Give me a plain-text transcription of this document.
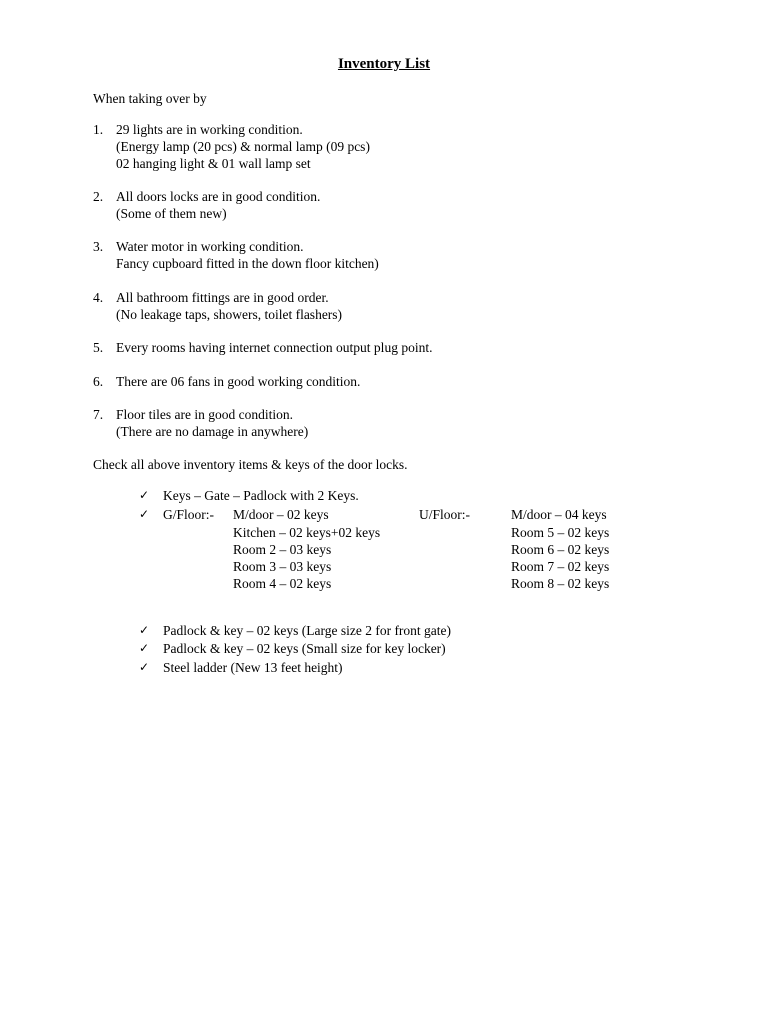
Inventory List
When taking over by
1. 29 lights are in working condition.
(Energy lamp (20 pcs) & normal lamp (09 pcs)
02 hanging light & 01 wall lamp set
2. All doors locks are in good condition.
(Some of them new)
3. Water motor in working condition.
Fancy cupboard fitted in the down floor kitchen)
4. All bathroom fittings are in good order.
(No leakage taps, showers, toilet flashers)
5. Every rooms having internet connection output plug point.
6. There are 06 fans in good working condition.
7. Floor tiles are in good condition.
(There are no damage in anywhere)
Check all above inventory items & keys of the door locks.
✓ Keys – Gate – Padlock with 2 Keys.
✓ G/Floor:- M/door – 02 keys
Kitchen – 02 keys+02 keys
Room 2 – 03 keys
Room 3 – 03 keys
Room 4 – 02 keys
U/Floor:-	M/door – 04 keys
Room 5 – 02 keys
Room 6 – 02 keys
Room 7 – 02 keys
Room 8 – 02 keys
✓ Padlock & key – 02 keys (Large size 2 for front gate)
✓ Padlock & key – 02 keys (Small size for key locker)
✓ Steel ladder (New 13 feet height)
